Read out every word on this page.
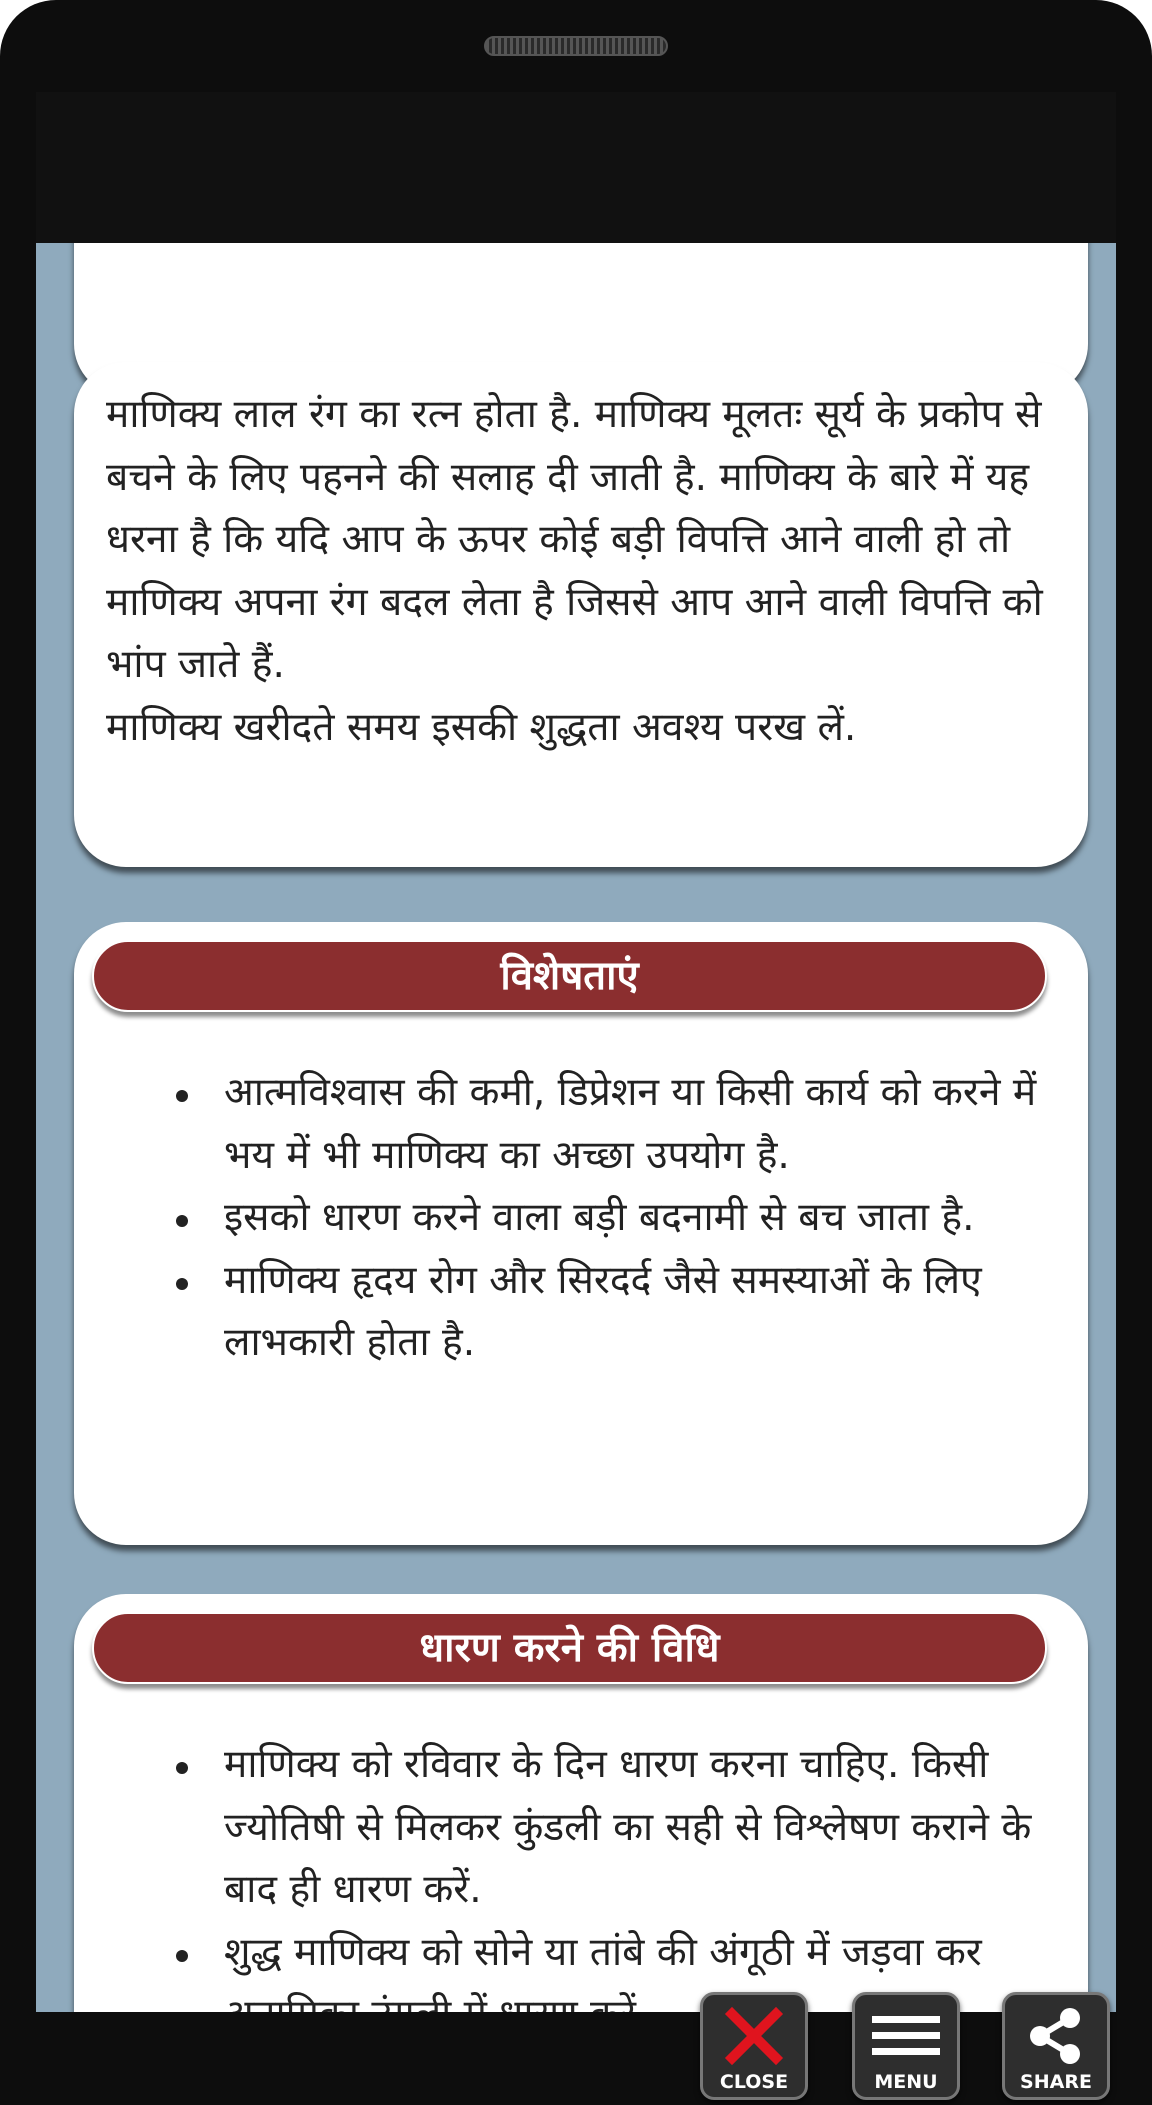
माणिक्य लाल रंग का रत्न होता है. माणिक्य मूलतः सूर्य के प्रकोप से बचने के लिए पहनने की सलाह दी जाती है. माणिक्य के बारे में यह धरना है कि यदि आप के ऊपर कोई बड़ी विपत्ति आने वाली हो तो माणिक्य अपना रंग बदल लेता है जिससे आप आने वाली विपत्ति को भांप जाते हैं.

माणिक्य खरीदते समय इसकी शुद्धता अवश्य परख लें.

विशेषताएं
आत्मविश्वास की कमी, डिप्रेशन या किसी कार्य को करने में भय में भी माणिक्य का अच्छा उपयोग है.
इसको धारण करने वाला बड़ी बदनामी से बच जाता है.
माणिक्य हृदय रोग और सिरदर्द जैसे समस्याओं के लिए लाभकारी होता है.
धारण करने की विधि
माणिक्य को रविवार के दिन धारण करना चाहिए. किसी ज्योतिषी से मिलकर कुंडली का सही से विश्लेषण कराने के बाद ही धारण करें.
शुद्ध माणिक्य को सोने या तांबे की अंगूठी में जड़वा कर
CLOSE	MENU	SHARE
